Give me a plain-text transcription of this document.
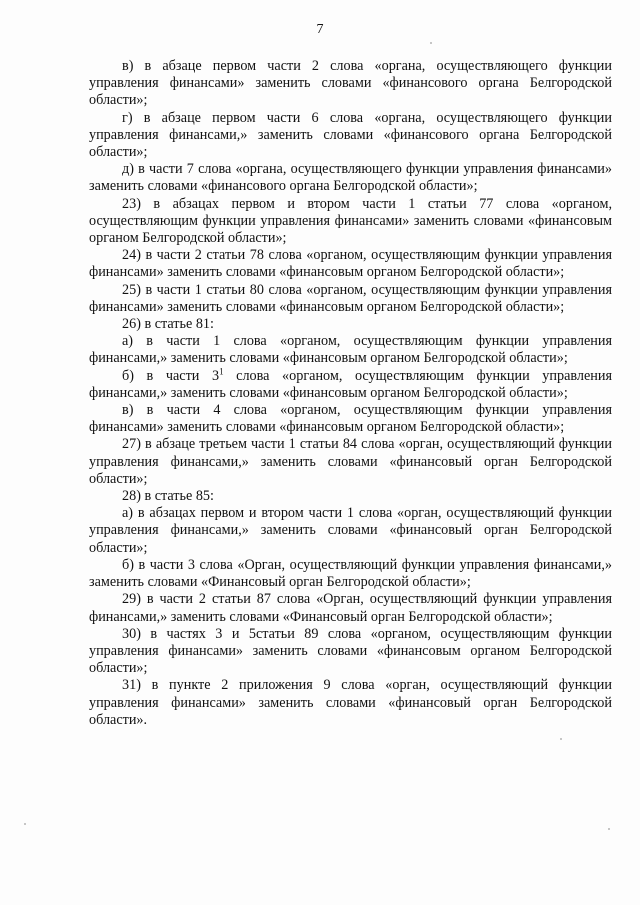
7

в) в абзаце первом части 2 слова «органа, осуществляющего функции управления финансами» заменить словами «финансового органа Белгородской области»;

г) в абзаце первом части 6 слова «органа, осуществляющего функции управления финансами,» заменить словами «финансового органа Белгородской области»;

д) в части 7 слова «органа, осуществляющего функции управления финансами» заменить словами «финансового органа Белгородской области»;

23) в абзацах первом и втором части 1 статьи 77 слова «органом, осуществляющим функции управления финансами» заменить словами «финансовым органом Белгородской области»;

24) в части 2 статьи 78 слова «органом, осуществляющим функции управления финансами» заменить словами «финансовым органом Белгородской области»;

25) в части 1 статьи 80 слова «органом, осуществляющим функции управления финансами» заменить словами «финансовым органом Белгородской области»;

26) в статье 81:

а) в части 1 слова «органом, осуществляющим функции управления финансами,» заменить словами «финансовым органом Белгородской области»;

б) в части $3^1$ слова «органом, осуществляющим функции управления финансами,» заменить словами «финансовым органом Белгородской области»;

в) в части 4 слова «органом, осуществляющим функции управления финансами» заменить словами «финансовым органом Белгородской области»;

27) в абзаце третьем части 1 статьи 84 слова «орган, осуществляющий функции управления финансами,» заменить словами «финансовый орган Белгородской области»;

28) в статье 85:

а) в абзацах первом и втором части 1 слова «орган, осуществляющий функции управления финансами,» заменить словами «финансовый орган Белгородской области»;

б) в части 3 слова «Орган, осуществляющий функции управления финансами,» заменить словами «Финансовый орган Белгородской области»;

29) в части 2 статьи 87 слова «Орган, осуществляющий функции управления финансами,» заменить словами «Финансовый орган Белгородской области»;

30) в частях 3 и 5статьи 89 слова «органом, осуществляющим функции управления финансами» заменить словами «финансовым органом Белгородской области»;

31) в пункте 2 приложения 9 слова «орган, осуществляющий функции управления финансами» заменить словами «финансовый орган Белгородской области».
